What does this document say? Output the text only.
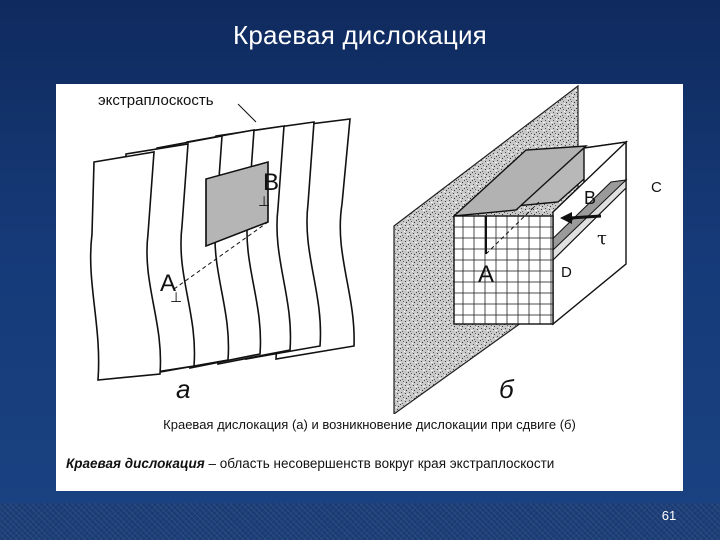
Краевая дислокация
B
⊥
A
⊥
а
B
C
A	D
τ
б
экстраплоскость
Краевая дислокация (а) и возникновение дислокации при сдвиге (б)
Краевая дислокация – область несовершенств вокруг края экстраплоскости
61
